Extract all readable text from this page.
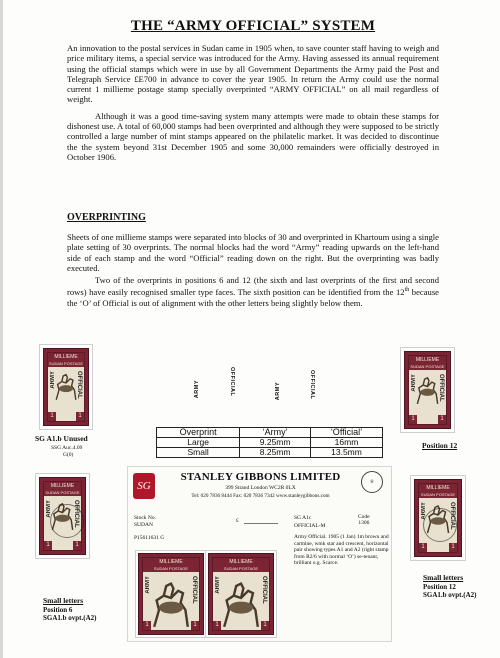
THE “ARMY OFFICIAL” SYSTEM

An innovation to the postal services in Sudan came in 1905 when, to save counter staff having to weigh and price military items, a special service was introduced for the Army. Having assessed its annual requirement using the official stamps which were in use by all Government Departments the Army paid the Post and Telegraph Service £E700 in advance to cover the year 1905. In return the Army could use the normal current 1 millieme postage stamp specially overprinted “ARMY OFFICIAL” on all mail regardless of weight.

Although it was a good time-saving system many attempts were made to obtain these stamps for dishonest use. A total of 60,000 stamps had been overprinted and although they were supposed to be strictly controlled a large number of mint stamps appeared on the philatelic market. It was decided to discontinue the the system beyond 31st December 1905 and some 30,000 remainders were officially destroyed in October 1906.

OVERPRINTING

Sheets of one millieme stamps were separated into blocks of 30 and overprinted in Khartoum using a single plate setting of 30 overprints. The normal blocks had the word “Army” reading upwards on the left-hand side of each stamp and the word “Official” reading down on the right. But the overprinting was badly executed.

Two of the overprints in positions 6 and 12 (the sixth and last overprints of the first and second rows) have easily recognised smaller type faces. The sixth position can be identified from the 12th because the ‘O’ of Official is out of alignment with the other letters being slightly below them.

MILLIEME
SUDAN POSTAGE
1	1
ARMY	OFFICIAL
SG A1.b Unused
SSG Auc.4.09
G(0)
ARMY	OFFICIAL	ARMY	OFFICIAL
MILLIEME
SUDAN POSTAGE
1	1
ARMY	OFFICIAL
Position 12
Overprint	‘Army’	‘Official’
Large	9.25mm	16mm
Small	8.25mm	13.5mm
MILLIEME
SUDAN POSTAGE
1	1
ARMY	OFFICIAL
Small letters
Position 6
SGA1.b ovpt.(A2)
SG	♕
STANLEY GIBBONS LIMITED
399 Strand London WC2R 0LX
Tel: 020 7836 8444 Fax: 020 7836 7342 www.stanleygibbons.com
Stock No.
SUDAN
P15611631 G
£	SG A1c
OFFICIAL-M
Code
1306
Army Official. 1905 (1 Jan) 1m brown and carmine, wmk star and crescent, horizontal pair showing types A1 and A2 (right stamp from R2/6 with normal ‘O’) se-tenant, brilliant o.g. Scarce.
MILLIEME
SUDAN POSTAGE
1	1
ARMY	OFFICIAL
MILLIEME
SUDAN POSTAGE
1	1
ARMY	OFFICIAL
MILLIEME
SUDAN POSTAGE
1	1
ARMY	OFFICIAL
Small letters
Position 12
SGA1.b ovpt.(A2)
